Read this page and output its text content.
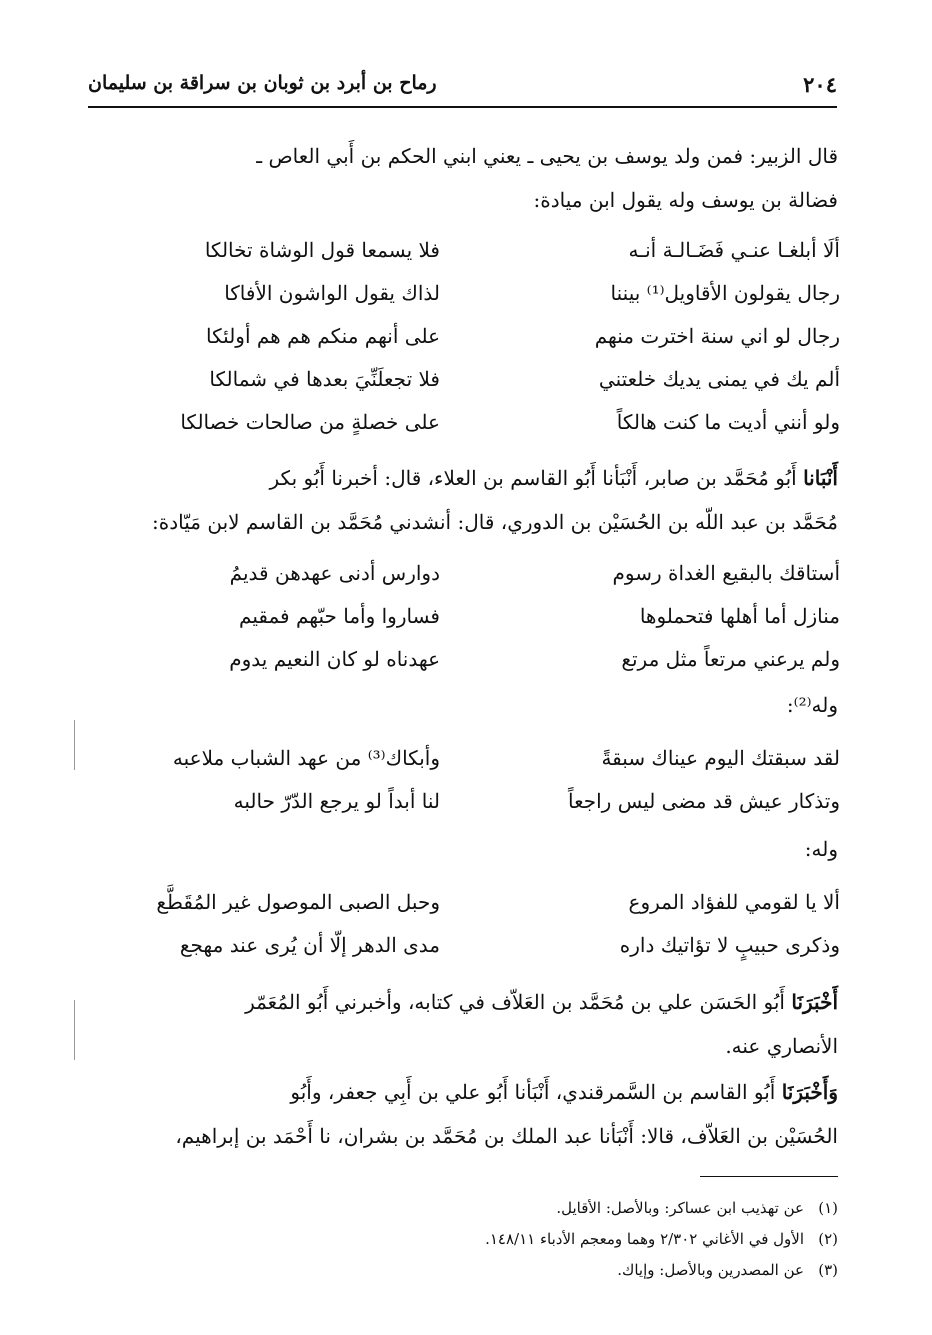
٢٠٤
رماح بن أبرد بن ثوبان بن سراقة بن سليمان
قال الزبير: فمن ولد يوسف بن يحيى ـ يعني ابني الحكم بن أَبي العاص ـ
فضالة بن يوسف وله يقول ابن ميادة:
ألَا أبلغـا عنـي فَضَـالـة أنـه
فلا يسمعا قول الوشاة تخالكا
رجال يقولون الأقاويل⁽¹⁾ بيننا
لذاك يقول الواشون الأفاكا
رجال لو اني سنة اخترت منهم
على أنهم منكم هم هم أولئكا
ألم يك في يمنى يديك خلعتني
فلا تجعلَنِّيَ بعدها في شمالكا
ولو أنني أديت ما كنت هالكاً
على خصلةٍ من صالحات خصالكا
أَنْبَانا أَبُو مُحَمَّد بن صابر، أَنْبَأنا أَبُو القاسم بن العلاء، قال: أخبرنا أَبُو بكر
مُحَمَّد بن عبد اللّه بن الحُسَيْن بن الدوري، قال: أنشدني مُحَمَّد بن القاسم لابن مَيّادة:
أستاقك بالبقيع الغداة رسوم
دوارس أدنى عهدهن قديمُ
منازل أما أهلها فتحملوها
فساروا وأما حبّهم فمقيم
ولم يرعني مرتعاً مثل مرتع
عهدناه لو كان النعيم يدوم
وله⁽²⁾:
لقد سبقتك اليوم عيناك سبقةً
وأبكاك⁽³⁾ من عهد الشباب ملاعبه
وتذكار عيش قد مضى ليس راجعاً
لنا أبداً لو يرجع الدّرّ حالبه
وله:
ألا يا لقومي للفؤاد المروع
وحبل الصبى الموصول غير المُقَطَّع
وذكرى حبيبٍ لا تؤاتيك داره
مدى الدهر إلّا أن يُرى عند مهجع
أَخْبَرَنَا أَبُو الحَسَن علي بن مُحَمَّد بن العَلاّف في كتابه، وأخبرني أَبُو المُعَمّر
الأنصاري عنه.
وَأَخْبَرَنَا أَبُو القاسم بن السَّمرقندي، أَنْبَأنا أَبُو علي بن أَبِي جعفر، وأَبُو
الحُسَيْن بن العَلاّف، قالا: أَنْبَأنا عبد الملك بن مُحَمَّد بن بشران، نا أَحْمَد بن إبراهيم،
(١)عن تهذيب ابن عساكر: وبالأصل: الأقايل.
(٢)الأول في الأغاني ٢/٣٠٢ وهما ومعجم الأدباء ١٤٨/١١.
(٣)عن المصدرين وبالأصل: وإياك.
